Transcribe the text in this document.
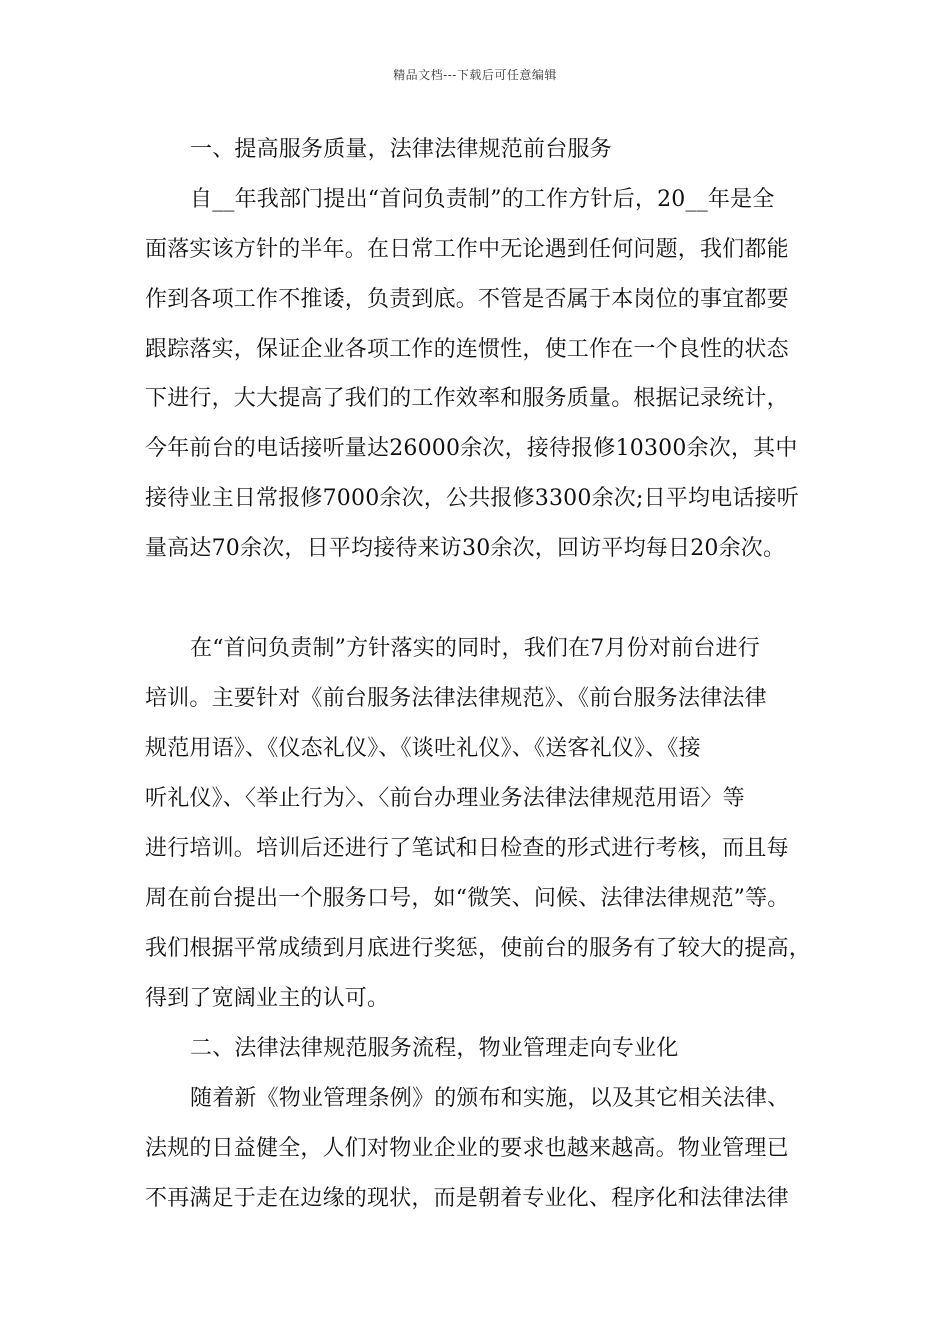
精品文档---下载后可任意编辑
一、提高服务质量，法律法律规范前台服务
自__年我部门提出“首问负责制”的工作方针后，20__年是全
面落实该方针的半年。在日常工作中无论遇到任何问题，我们都能
作到各项工作不推诿，负责到底。不管是否属于本岗位的事宜都要
跟踪落实，保证企业各项工作的连惯性，使工作在一个良性的状态
下进行，大大提高了我们的工作效率和服务质量。根据记录统计，
今年前台的电话接听量达26000余次，接待报修10300余次，其中
接待业主日常报修7000余次，公共报修3300余次;日平均电话接听
量高达70余次，日平均接待来访30余次，回访平均每日20余次。
在“首问负责制”方针落实的同时，我们在7月份对前台进行
培训。主要针对《前台服务法律法律规范》、《前台服务法律法律
规范用语》、《仪态礼仪》、《谈吐礼仪》、《送客礼仪》、《接
听礼仪》、〈举止行为〉、〈前台办理业务法律法律规范用语〉等
进行培训。培训后还进行了笔试和日检查的形式进行考核，而且每
周在前台提出一个服务口号，如“微笑、问候、法律法律规范”等。
我们根据平常成绩到月底进行奖惩，使前台的服务有了较大的提高，
得到了宽阔业主的认可。
二、法律法律规范服务流程，物业管理走向专业化
随着新《物业管理条例》的颁布和实施，以及其它相关法律、
法规的日益健全，人们对物业企业的要求也越来越高。物业管理已
不再满足于走在边缘的现状，而是朝着专业化、程序化和法律法律
